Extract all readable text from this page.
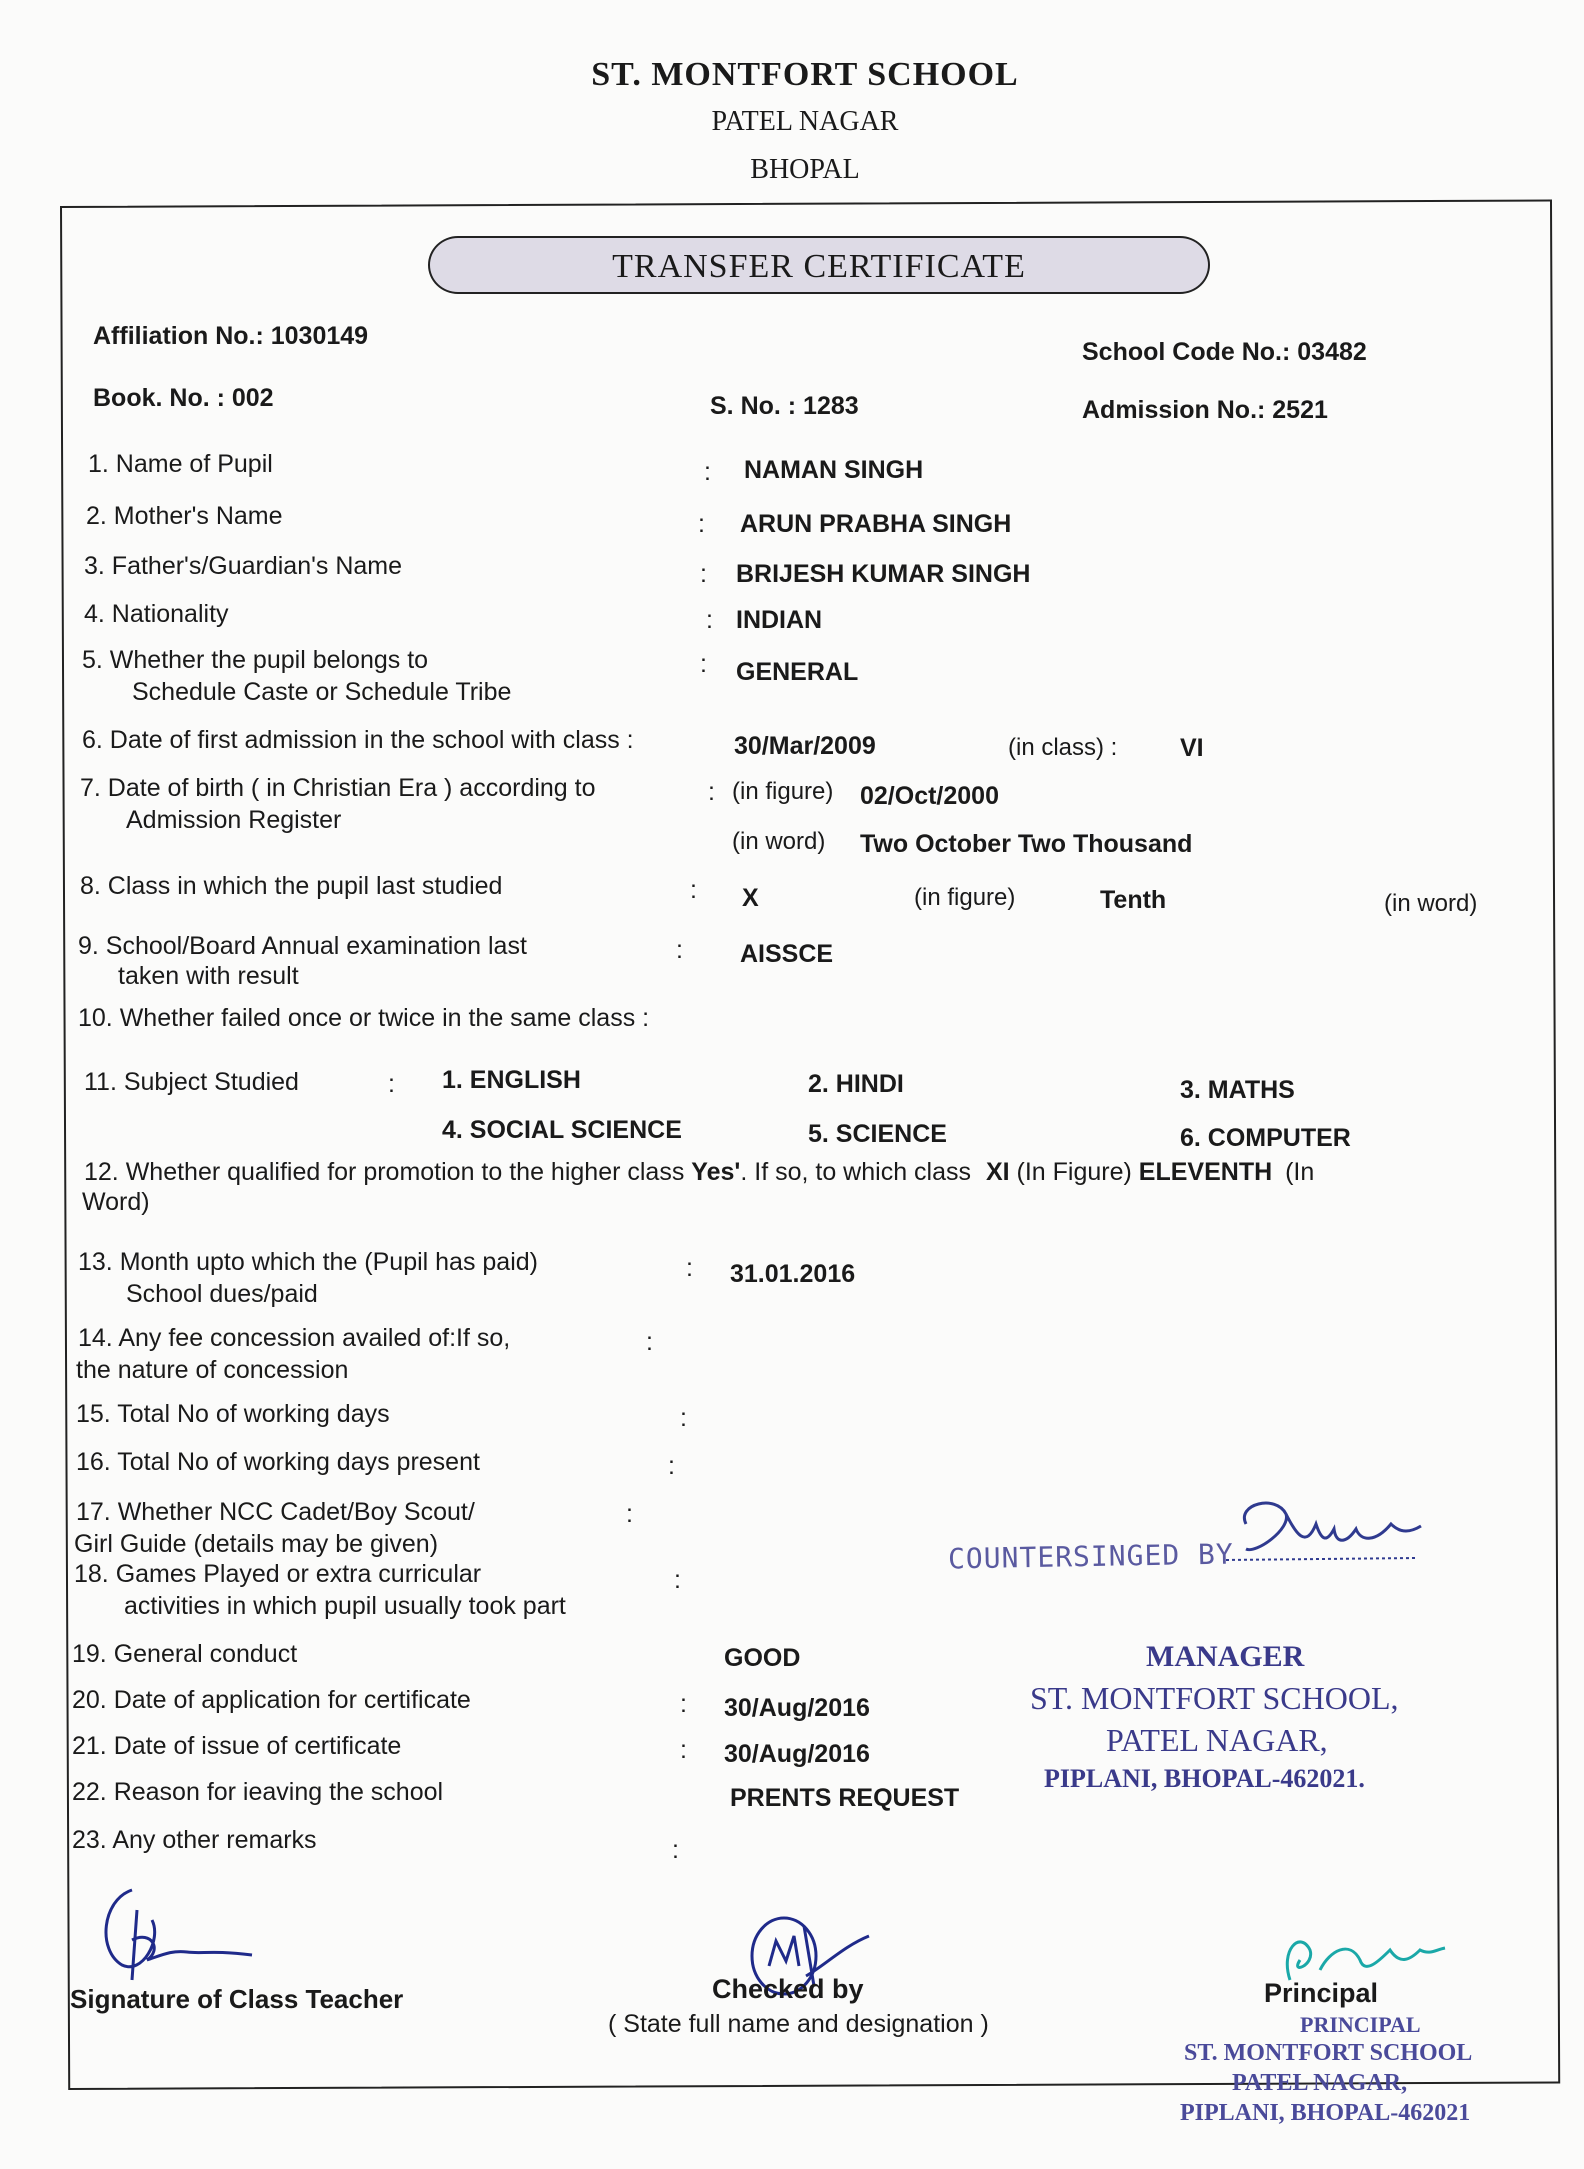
ST. MONTFORT SCHOOL
PATEL NAGAR
BHOPAL
TRANSFER CERTIFICATE
Affiliation No.: 1030149
School Code No.: 03482
Book. No. : 002	S. No. : 1283	Admission No.: 2521
1. Name of Pupil	: NAMAN SINGH
2. Mother's Name	: ARUN PRABHA SINGH
3. Father's/Guardian's Name	: BRIJESH KUMAR SINGH
4. Nationality	: INDIAN
5. Whether the pupil belongs to
Schedule Caste or Schedule Tribe
: GENERAL
6. Date of first admission in the school with class :	30/Mar/2009	(in class) :	VI
7. Date of birth ( in Christian Era ) according to
Admission Register
: (in figure) 02/Oct/2000
(in word) Two October Two Thousand
8. Class in which the pupil last studied	: X	(in figure)	Tenth	(in word)
9. School/Board Annual examination last
taken with result
: AISSCE
10. Whether failed once or twice in the same class :
11. Subject Studied	: 1. ENGLISH	2. HINDI	3. MATHS
4. SOCIAL SCIENCE	5. SCIENCE	6. COMPUTER
12. Whether qualified for promotion to the higher class Yes'. If so, to which class XI (In Figure) ELEVENTH (In
Word)
13. Month upto which the (Pupil has paid)
School dues/paid
: 31.01.2016
14. Any fee concession availed of:If so,
the nature of concession
:
15. Total No of working days	:
16. Total No of working days present	:
17. Whether NCC Cadet/Boy Scout/
Girl Guide (details may be given)
:
18. Games Played or extra curricular
activities in which pupil usually took part
:
19. General conduct	GOOD
20. Date of application for certificate	: 30/Aug/2016
21. Date of issue of certificate	: 30/Aug/2016
22. Reason for ieaving the school	PRENTS REQUEST
23. Any other remarks	:
COUNTERSINGED BY
MANAGER
ST. MONTFORT SCHOOL,
PATEL NAGAR,
PIPLANI, BHOPAL-462021.
Signature of Class Teacher	Checked by
( State full name and designation )
Principal
PRINCIPAL
ST. MONTFORT SCHOOL
PATEL NAGAR,
PIPLANI, BHOPAL-462021
